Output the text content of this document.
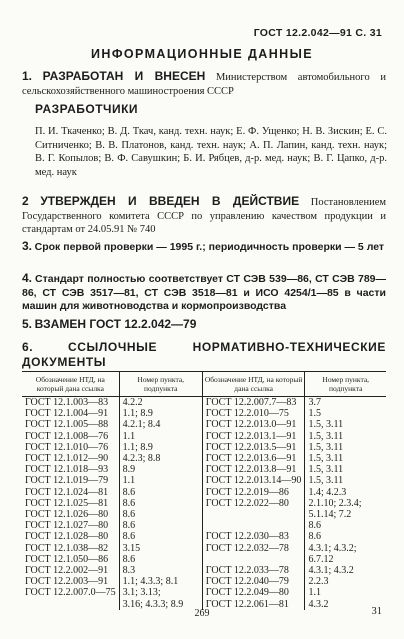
ГОСТ 12.2.042—91 С. 31
ИНФОРМАЦИОННЫЕ ДАННЫЕ
1. РАЗРАБОТАН И ВНЕСЕН Министерством автомобильного и сельскохозяйственного машиностроения СССР
РАЗРАБОТЧИКИ
П. И. Ткаченко; В. Д. Ткач, канд. техн. наук; Е. Ф. Ущенко; Н. В. Зискин; Е. С. Ситниченко; В. В. Платонов, канд. техн. наук; А. П. Лапин, канд. техн. наук; В. Г. Копылов; В. Ф. Савушкин; Б. И. Рябцев, д-р. мед. наук; В. Г. Цапко, д-р. мед. наук
2 УТВЕРЖДЕН И ВВЕДЕН В ДЕЙСТВИЕ Постановлением Государственного комитета СССР по управлению качеством продукции и стандартам от 24.05.91 № 740
3. Срок первой проверки — 1995 г.; периодичность проверки — 5 лет
4. Стандарт полностью соответствует СТ СЭВ 539—86, СТ СЭВ 789—86, СТ СЭВ 3517—81, СТ СЭВ 3518—81 и ИСО 4254/1—85 в части машин для животноводства и кормопроизводства
5. ВЗАМЕН ГОСТ 12.2.042—79
6.	ССЫЛОЧНЫЕ НОРМАТИВНО-ТЕХНИЧЕСКИЕ ДОКУМЕНТЫ
Обозначение НТД, на который дана ссылка	Номер пункта, подпункта	Обозначение НТД, на который дана ссылка	Номер пункта, подпункта
ГОСТ 12.1.003—83	4.2.2	ГОСТ 12.2.007.7—83	3.7
ГОСТ 12.1.004—91	1.1; 8.9	ГОСТ 12.2.010—75	1.5
ГОСТ 12.1.005—88	4.2.1; 8.4	ГОСТ 12.2.013.0—91	1.5, 3.11
ГОСТ 12.1.008—76	1.1	ГОСТ 12.2.013.1—91	1.5, 3.11
ГОСТ 12.1.010—76	1.1; 8.9	ГОСТ 12.2.013.5—91	1.5, 3.11
ГОСТ 12.1.012—90	4.2.3; 8.8	ГОСТ 12.2.013.6—91	1.5, 3.11
ГОСТ 12.1.018—93	8.9	ГОСТ 12.2.013.8—91	1.5, 3.11
ГОСТ 12.1.019—79	1.1	ГОСТ 12.2.013.14—90	1.5, 3.11
ГОСТ 12.1.024—81	8.6	ГОСТ 12.2.019—86	1.4; 4.2.3
ГОСТ 12.1.025—81	8.6	ГОСТ 12.2.022—80	2.1.10; 2.3.4;
ГОСТ 12.1.026—80	8.6		5.1.14; 7.2
ГОСТ 12.1.027—80	8.6		8.6
ГОСТ 12.1.028—80	8.6	ГОСТ 12.2.030—83	8.6
ГОСТ 12.1.038—82	3.15	ГОСТ 12.2.032—78	4.3.1; 4.3.2;
ГОСТ 12.1.050—86	8.6		6.7.12
ГОСТ 12.2.002—91	8.3	ГОСТ 12.2.033—78	4.3.1; 4.3.2
ГОСТ 12.2.003—91	1.1; 4.3.3; 8.1	ГОСТ 12.2.040—79	2.2.3
ГОСТ 12.2.007.0—75	3.1; 3.13;	ГОСТ 12.2.049—80	1.1
	3.16; 4.3.3; 8.9	ГОСТ 12.2.061—81	4.3.2
269	31
